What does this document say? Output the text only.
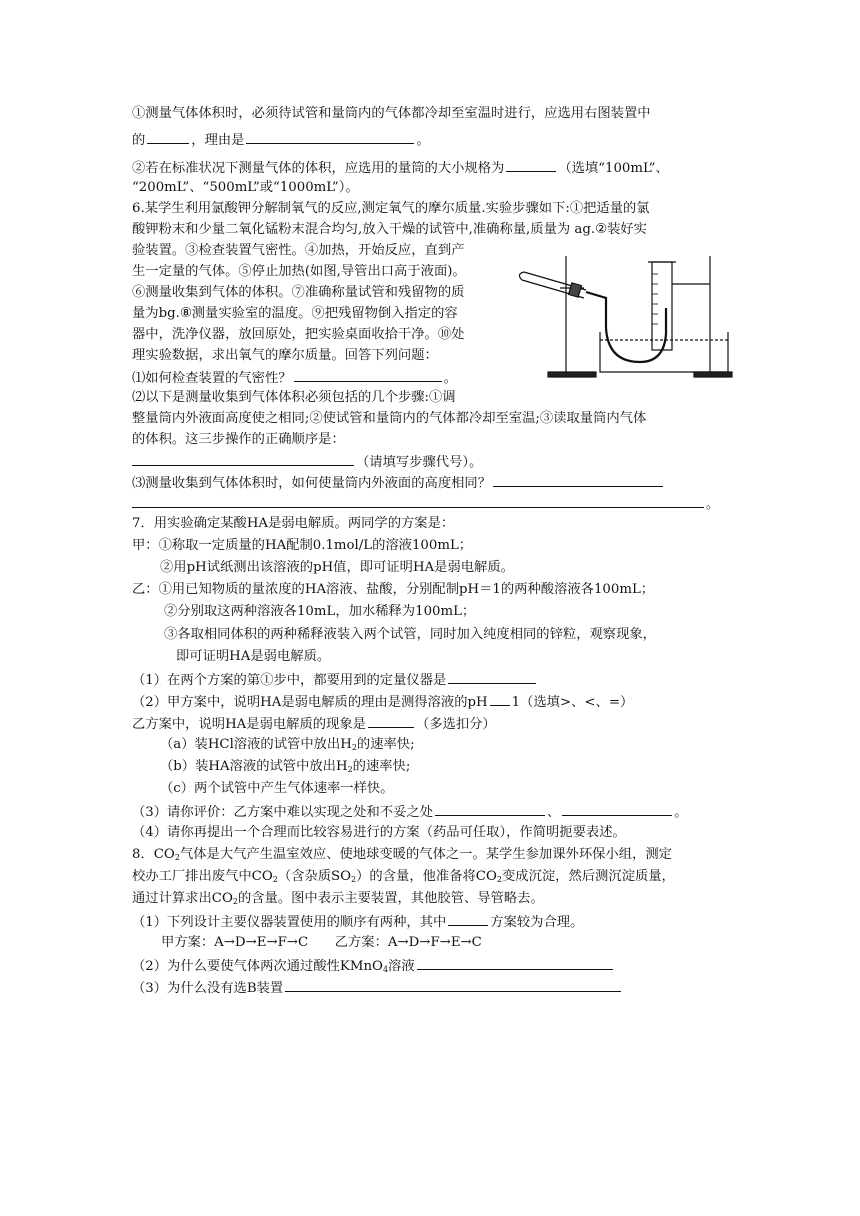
①测量气体体积时，必须待试管和量筒内的气体都冷却至室温时进行，应选用右图装置中
的	，理由是	。
②若在标准状况下测量气体的体积，应选用的量筒的大小规格为	（选填“100mL”、
“200mL”、“500mL”或“1000mL”）。
6.某学生利用氯酸钾分解制氧气的反应,测定氧气的摩尔质量.实验步骤如下:①把适量的氯
酸钾粉末和少量二氧化锰粉末混合均匀,放入干燥的试管中,准确称量,质量为 ag.②装好实
验装置。③检查装置气密性。④加热，开始反应，直到产
生一定量的气体。⑤停止加热(如图,导管出口高于液面)。
⑥测量收集到气体的体积。⑦准确称量试管和残留物的质
量为bg.⑧测量实验室的温度。⑨把残留物倒入指定的容
器中，洗净仪器，放回原处，把实验桌面收拾干净。⑩处
理实验数据，求出氧气的摩尔质量。回答下列问题：
⑴如何检查装置的气密性？	。
⑵以下是测量收集到气体体积必须包括的几个步骤:①调
整量筒内外液面高度使之相同;②使试管和量筒内的气体都冷却至室温;③读取量筒内气体
的体积。这三步操作的正确顺序是：
（请填写步骤代号）。
⑶测量收集到气体体积时，如何使量筒内外液面的高度相同？
。
7．用实验确定某酸HA是弱电解质。两同学的方案是：
甲：①称取一定质量的HA配制0.1mol/L的溶液100mL；
②用pH试纸测出该溶液的pH值，即可证明HA是弱电解质。
乙：①用已知物质的量浓度的HA溶液、盐酸，分别配制pH＝1的两种酸溶液各100mL；
②分别取这两种溶液各10mL，加水稀释为100mL；
③各取相同体积的两种稀释液装入两个试管，同时加入纯度相同的锌粒，观察现象，
即可证明HA是弱电解质。
（1）在两个方案的第①步中，都要用到的定量仪器是
（2）甲方案中，说明HA是弱电解质的理由是测得溶液的pH 1（选填>、<、=）
乙方案中，说明HA是弱电解质的现象是	（多选扣分）
（a）装HCl溶液的试管中放出$H_2$的速率快;
（b）装HA溶液的试管中放出$H_2$的速率快;
（c）两个试管中产生气体速率一样快。
（3）请你评价：乙方案中难以实现之处和不妥之处	、	。
（4）请你再提出一个合理而比较容易进行的方案（药品可任取），作简明扼要表述。
8．$CO_2$气体是大气产生温室效应、使地球变暖的气体之一。某学生参加课外环保小组，测定
校办工厂排出废气中$CO_2$（含杂质$SO_2$）的含量，他准备将$CO_2$变成沉淀，然后测沉淀质量，
通过计算求出$CO_2$的含量。图中表示主要装置，其他胶管、导管略去。
（1）下列设计主要仪器装置使用的顺序有两种，其中	方案较为合理。
甲方案：A→D→E→F→C　　乙方案：A→D→F→E→C
（2）为什么要使气体两次通过酸性KMnO$_4$溶液
（3）为什么没有选B装置
